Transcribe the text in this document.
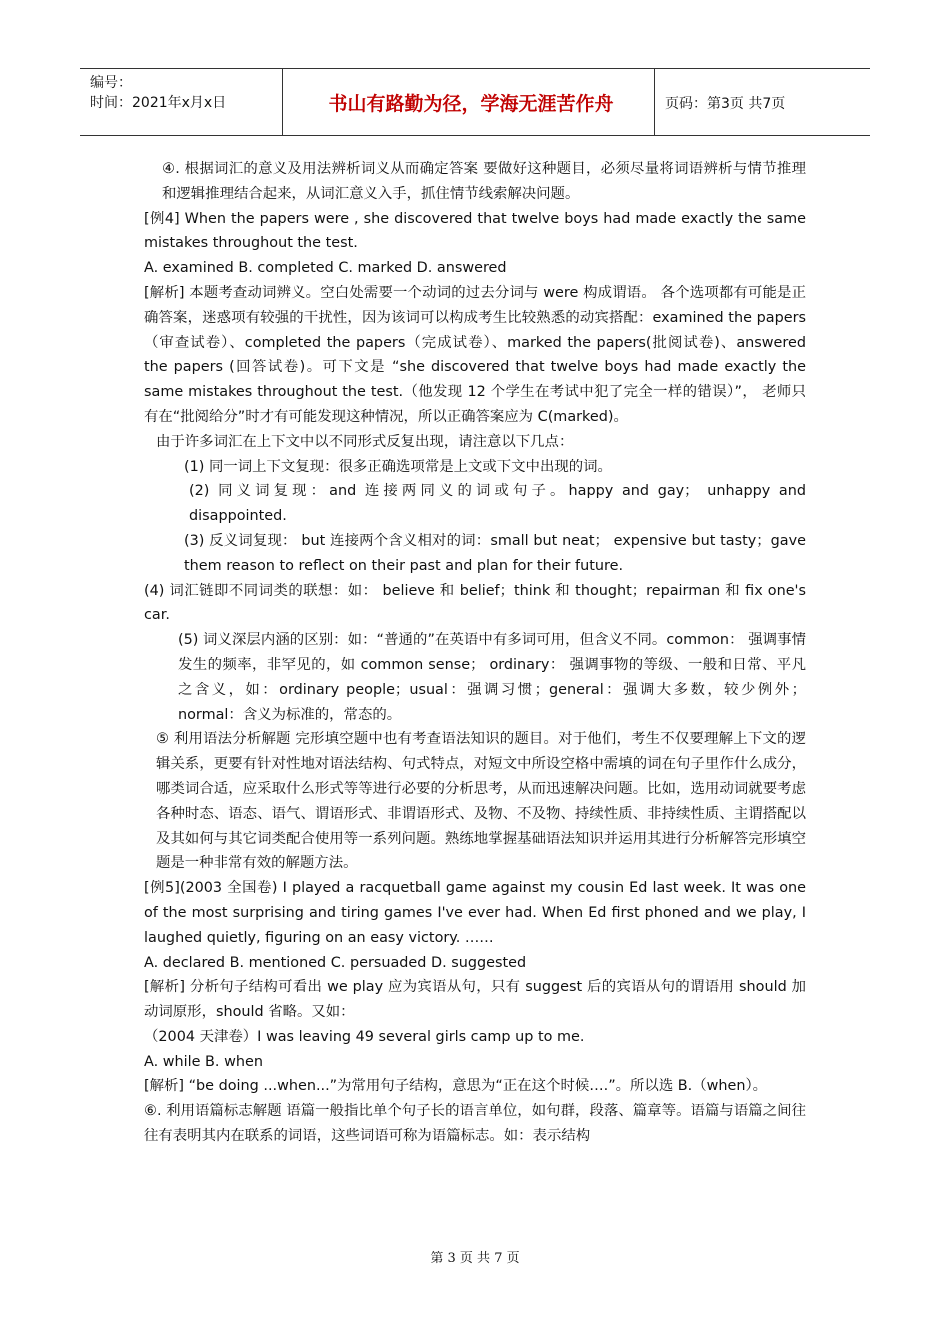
编号：
时间：2021年x月x日	书山有路勤为径，学海无涯苦作舟	页码：第3页 共7页

④. 根据词汇的意义及用法辨析词义从而确定答案 要做好这种题目，必须尽量将词语辨析与情节推理和逻辑推理结合起来，从词汇意义入手，抓住情节线索解决问题。

[例4] When the papers were , she discovered that twelve boys had made exactly the same mistakes throughout the test.

A. examined B. completed C. marked D. answered

[解析] 本题考查动词辨义。空白处需要一个动词的过去分词与 were 构成谓语。 各个选项都有可能是正确答案，迷惑项有较强的干扰性，因为该词可以构成考生比较熟悉的动宾搭配：examined the papers （审查试卷）、completed the papers（完成试卷）、marked the papers(批阅试卷)、answered the papers (回答试卷)。可下文是 “she discovered that twelve boys had made exactly the same mistakes throughout the test.（他发现 12 个学生在考试中犯了完全一样的错误）”， 老师只有在“批阅给分”时才有可能发现这种情况，所以正确答案应为 C(marked)。

由于许多词汇在上下文中以不同形式反复出现，请注意以下几点：

(1) 同一词上下文复现：很多正确选项常是上文或下文中出现的词。

(2) 同义词复现：and 连接两同义的词或句子。happy and gay； unhappy and disappointed.

(3) 反义词复现： but 连接两个含义相对的词：small but neat； expensive but tasty；gave them reason to reflect on their past and plan for their future.

(4) 词汇链即不同词类的联想：如： believe 和 belief；think 和 thought；repairman 和 fix one's car.

(5) 词义深层内涵的区别：如：“普通的”在英语中有多词可用，但含义不同。common： 强调事情发生的频率，非罕见的，如 common sense； ordinary： 强调事物的等级、一般和日常、平凡之含义，如：ordinary people；usual：强调习惯；general：强调大多数，较少例外；normal：含义为标准的，常态的。

⑤ 利用语法分析解题 完形填空题中也有考查语法知识的题目。对于他们，考生不仅要理解上下文的逻辑关系，更要有针对性地对语法结构、句式特点，对短文中所设空格中需填的词在句子里作什么成分，哪类词合适，应采取什么形式等等进行必要的分析思考，从而迅速解决问题。比如，选用动词就要考虑各种时态、语态、语气、谓语形式、非谓语形式、及物、不及物、持续性质、非持续性质、主谓搭配以及其如何与其它词类配合使用等一系列问题。熟练地掌握基础语法知识并运用其进行分析解答完形填空题是一种非常有效的解题方法。

[例5](2003 全国卷) I played a racquetball game against my cousin Ed last week. It was one of the most surprising and tiring games I've ever had. When Ed first phoned and we play, I laughed quietly, figuring on an easy victory. ……

A. declared B. mentioned C. persuaded D. suggested

[解析] 分析句子结构可看出 we play 应为宾语从句，只有 suggest 后的宾语从句的谓语用 should 加动词原形，should 省略。又如：

（2004 天津卷）I was leaving 49 several girls camp up to me.

A. while B. when

[解析] “be doing ...when...”为常用句子结构，意思为“正在这个时候….”。所以选 B.（when）。

⑥. 利用语篇标志解题 语篇一般指比单个句子长的语言单位，如句群，段落、篇章等。语篇与语篇之间往往有表明其内在联系的词语，这些词语可称为语篇标志。如：表示结构

第 3 页 共 7 页
